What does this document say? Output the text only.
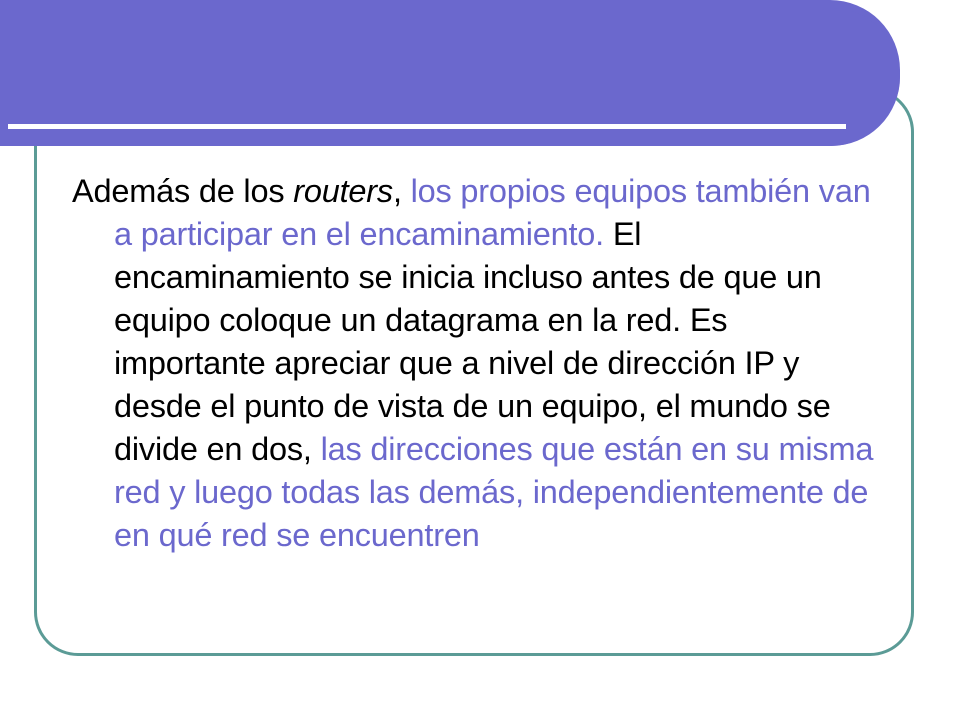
Además de los routers, los propios equipos también van a participar en el encaminamiento. El encaminamiento se inicia incluso antes de que un equipo coloque un datagrama en la red. Es importante apreciar que a nivel de dirección IP y desde el punto de vista de un equipo, el mundo se divide en dos, las direcciones que están en su misma red y luego todas las demás, independientemente de en qué red se encuentren
